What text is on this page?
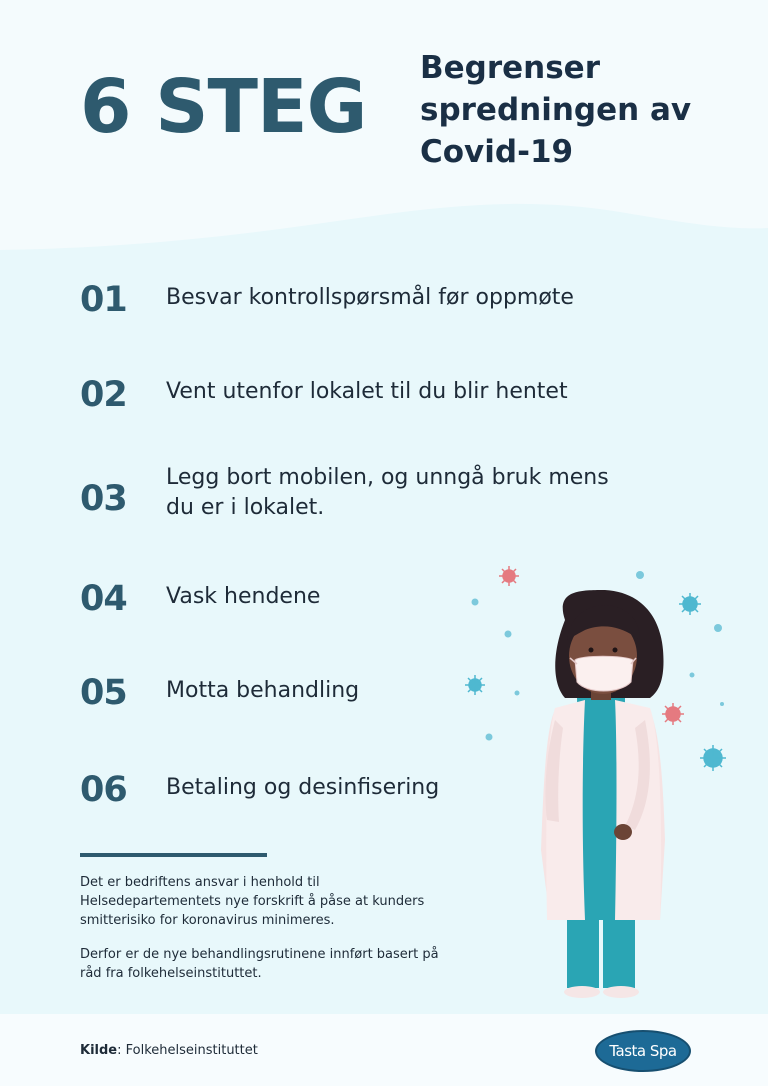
6 STEG Begrenser
spredningen av
Covid-19
01 Besvar kontrollspørsmål før oppmøte
02 Vent utenfor lokalet til du blir hentet
03
Legg bort mobilen, og unngå bruk mens
du er i lokalet.
04 Vask hendene
05 Motta behandling
06 Betaling og desinfisering
Det er bedriftens ansvar i henhold til
Helsedepartementets nye forskrift å påse at kunders
smitterisiko for koronavirus minimeres.
Derfor er de nye behandlingsrutinene innført basert på
råd fra folkehelseinstituttet.
Kilde: Folkehelseinstituttet	Tasta Spa
